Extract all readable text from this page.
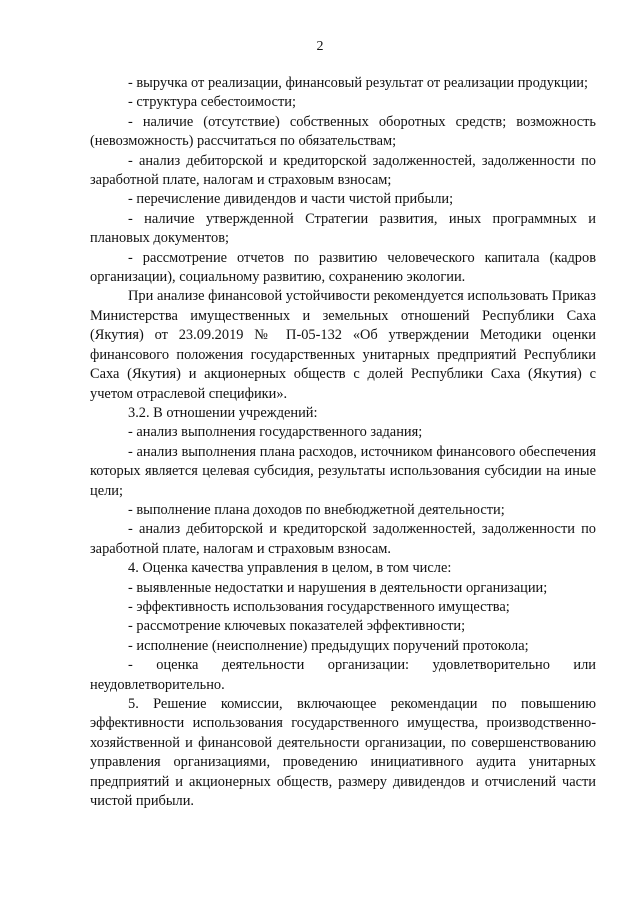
2

- выручка от реализации, финансовый результат от реализации продукции;

- структура себестоимости;

- наличие (отсутствие) собственных оборотных средств; возможность (невозможность) рассчитаться по обязательствам;

- анализ дебиторской и кредиторской задолженностей, задолженности по заработной плате, налогам и страховым взносам;

- перечисление дивидендов и части чистой прибыли;

- наличие утвержденной Стратегии развития, иных программных и плановых документов;

- рассмотрение отчетов по развитию человеческого капитала (кадров организации), социальному развитию, сохранению экологии.

При анализе финансовой устойчивости рекомендуется использовать Приказ Министерства имущественных и земельных отношений Республики Саха (Якутия) от 23.09.2019 № П-05-132 «Об утверждении Методики оценки финансового положения государственных унитарных предприятий Республики Саха (Якутия) и акционерных обществ с долей Республики Саха (Якутия) с учетом отраслевой специфики».

3.2. В отношении учреждений:

- анализ выполнения государственного задания;

- анализ выполнения плана расходов, источником финансового обеспечения которых является целевая субсидия, результаты использования субсидии на иные цели;

- выполнение плана доходов по внебюджетной деятельности;

- анализ дебиторской и кредиторской задолженностей, задолженности по заработной плате, налогам и страховым взносам.

4. Оценка качества управления в целом, в том числе:

- выявленные недостатки и нарушения в деятельности организации;

- эффективность использования государственного имущества;

- рассмотрение ключевых показателей эффективности;

- исполнение (неисполнение) предыдущих поручений протокола;

- оценка деятельности организации: удовлетворительно или неудовлетворительно.

5. Решение комиссии, включающее рекомендации по повышению эффективности использования государственного имущества, производственно-хозяйственной и финансовой деятельности организации, по совершенствованию управления организациями, проведению инициативного аудита унитарных предприятий и акционерных обществ, размеру дивидендов и отчислений части чистой прибыли.
